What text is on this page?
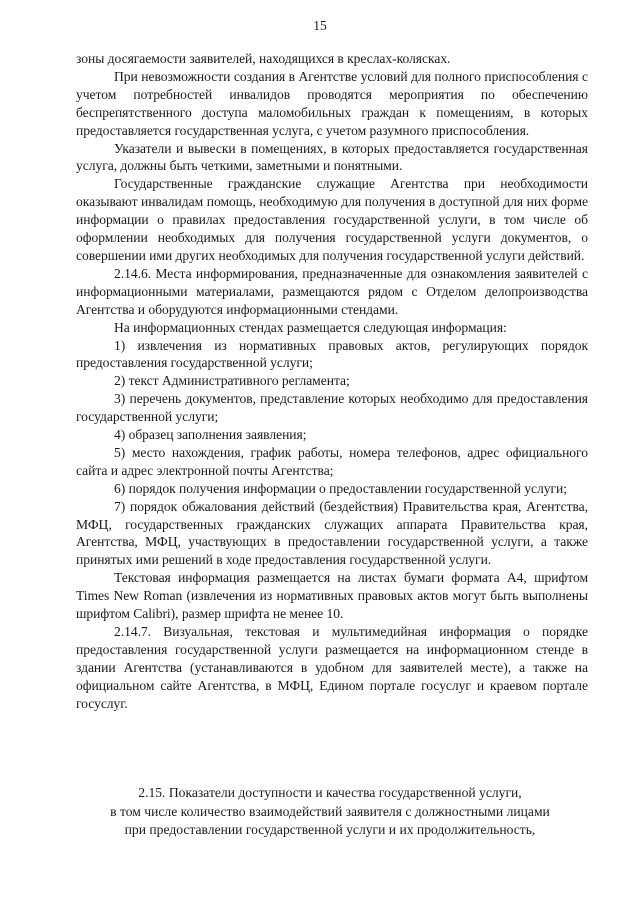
15

зоны досягаемости заявителей, находящихся в креслах-колясках.

При невозможности создания в Агентстве условий для полного приспособления с учетом потребностей инвалидов проводятся мероприятия по обеспечению беспрепятственного доступа маломобильных граждан к помещениям, в которых предоставляется государственная услуга, с учетом разумного приспособления.

Указатели и вывески в помещениях, в которых предоставляется государственная услуга, должны быть четкими, заметными и понятными.

Государственные гражданские служащие Агентства при необходимости оказывают инвалидам помощь, необходимую для получения в доступной для них форме информации о правилах предоставления государственной услуги, в том числе об оформлении необходимых для получения государственной услуги документов, о совершении ими других необходимых для получения государственной услуги действий.

2.14.6. Места информирования, предназначенные для ознакомления заявителей с информационными материалами, размещаются рядом с Отделом делопроизводства Агентства и оборудуются информационными стендами.

На информационных стендах размещается следующая информация:

1) извлечения из нормативных правовых актов, регулирующих порядок предоставления государственной услуги;

2) текст Административного регламента;

3) перечень документов, представление которых необходимо для предоставления государственной услуги;

4) образец заполнения заявления;

5) место нахождения, график работы, номера телефонов, адрес официального сайта и адрес электронной почты Агентства;

6) порядок получения информации о предоставлении государственной услуги;

7) порядок обжалования действий (бездействия) Правительства края, Агентства, МФЦ, государственных гражданских служащих аппарата Правительства края, Агентства, МФЦ, участвующих в предоставлении государственной услуги, а также принятых ими решений в ходе предоставления государственной услуги.

Текстовая информация размещается на листах бумаги формата А4, шрифтом Times New Roman (извлечения из нормативных правовых актов могут быть выполнены шрифтом Calibri), размер шрифта не менее 10.

2.14.7. Визуальная, текстовая и мультимедийная информация о порядке предоставления государственной услуги размещается на информационном стенде в здании Агентства (устанавливаются в удобном для заявителей месте), а также на официальном сайте Агентства, в МФЦ, Едином портале госуслуг и краевом портале госуслуг.

2.15. Показатели доступности и качества государственной услуги,
в том числе количество взаимодействий заявителя с должностными лицами
при предоставлении государственной услуги и их продолжительность,
